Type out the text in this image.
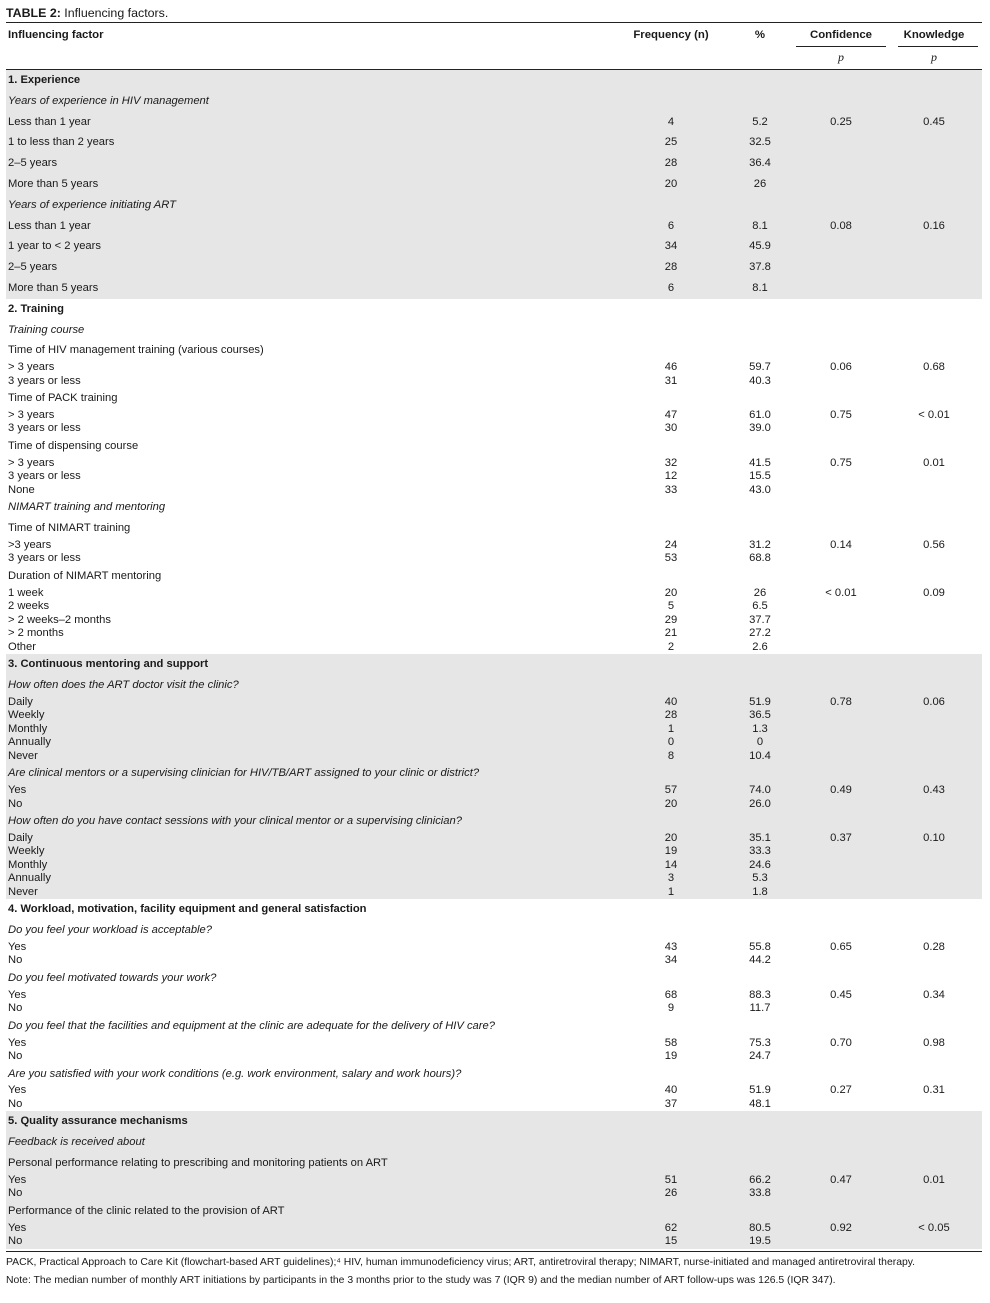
TABLE 2: Influencing factors.
Influencing factor	Frequency (n)	%	Confidence	Knowledge
p	p
1. Experience
Years of experience in HIV management
Less than 1 year	4	5.2	0.25	0.45
1 to less than 2 years	25	32.5
2–5 years	28	36.4
More than 5 years	20	26
Years of experience initiating ART
Less than 1 year	6	8.1	0.08	0.16
1 year to < 2 years	34	45.9
2–5 years	28	37.8
More than 5 years	6	8.1
2. Training
Training course
Time of HIV management training (various courses)
> 3 years	46	59.7	0.06	0.68
3 years or less	31	40.3
Time of PACK training
> 3 years	47	61.0	0.75	< 0.01
3 years or less	30	39.0
Time of dispensing course
> 3 years	32	41.5	0.75	0.01
3 years or less	12	15.5
None	33	43.0
NIMART training and mentoring
Time of NIMART training
>3 years	24	31.2	0.14	0.56
3 years or less	53	68.8
Duration of NIMART mentoring
1 week	20	26	< 0.01	0.09
2 weeks	5	6.5
> 2 weeks–2 months	29	37.7
> 2 months	21	27.2
Other	2	2.6
3. Continuous mentoring and support
How often does the ART doctor visit the clinic?
Daily	40	51.9	0.78	0.06
Weekly	28	36.5
Monthly	1	1.3
Annually	0	0
Never	8	10.4
Are clinical mentors or a supervising clinician for HIV/TB/ART assigned to your clinic or district?
Yes	57	74.0	0.49	0.43
No	20	26.0
How often do you have contact sessions with your clinical mentor or a supervising clinician?
Daily	20	35.1	0.37	0.10
Weekly	19	33.3
Monthly	14	24.6
Annually	3	5.3
Never	1	1.8
4. Workload, motivation, facility equipment and general satisfaction
Do you feel your workload is acceptable?
Yes	43	55.8	0.65	0.28
No	34	44.2
Do you feel motivated towards your work?
Yes	68	88.3	0.45	0.34
No	9	11.7
Do you feel that the facilities and equipment at the clinic are adequate for the delivery of HIV care?
Yes	58	75.3	0.70	0.98
No	19	24.7
Are you satisfied with your work conditions (e.g. work environment, salary and work hours)?
Yes	40	51.9	0.27	0.31
No	37	48.1
5. Quality assurance mechanisms
Feedback is received about
Personal performance relating to prescribing and monitoring patients on ART
Yes	51	66.2	0.47	0.01
No	26	33.8
Performance of the clinic related to the provision of ART
Yes	62	80.5	0.92	< 0.05
No	15	19.5

PACK, Practical Approach to Care Kit (flowchart-based ART guidelines);⁴ HIV, human immunodeficiency virus; ART, antiretroviral therapy; NIMART, nurse-initiated and managed antiretroviral therapy.

Note: The median number of monthly ART initiations by participants in the 3 months prior to the study was 7 (IQR 9) and the median number of ART follow-ups was 126.5 (IQR 347).
